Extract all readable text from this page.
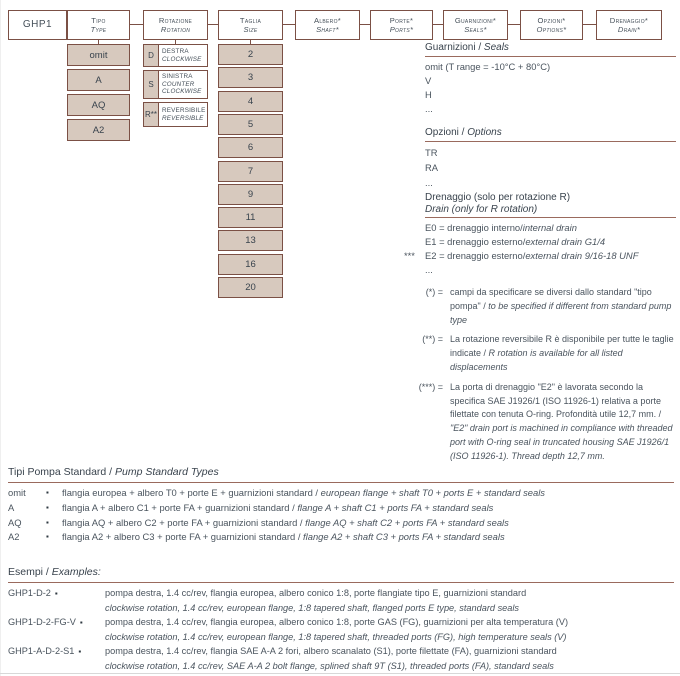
GHP1	Tipo
Type
Rotazione
Rotation
Taglia
Size
Albero*
Shaft*
Porte*
Ports*
Guarnizioni*
Seals*
Opzioni*
Options*
Drenaggio*
Drain*
omit
A
AQ
A2
D	DESTRA
CLOCKWISE
S
SINISTRA
COUNTER CLOCKWISE
R** REVERSIBILE
REVERSIBLE
2
3
4
5
6
7
9
11
13
16
20
Guarnizioni / Seals
omit (T range = -10°C + 80°C)
V
H
...
Opzioni / Options
TR
RA
...
Drenaggio (solo per rotazione R)
Drain (only for R rotation)
E0 = drenaggio interno/internal drain
E1 = drenaggio esterno/external drain G1/4
*** E2 = drenaggio esterno/external drain 9/16-18 UNF
...
(*) = campi da specificare se diversi dallo standard "tipo pompa" / to be specified if different from standard pump type
(**) = La rotazione reversibile R è disponibile per tutte le taglie indicate / R rotation is available for all listed displacements
(***) = La porta di drenaggio "E2" è lavorata secondo la specifica SAE J1926/1 (ISO 11926-1) relativa a porte filettate con tenuta O-ring. Profondità utile 12,7 mm. / "E2" drain port is machined in compliance with threaded port with O-ring seal in truncated housing SAE J1926/1 (ISO 11926-1). Thread depth 12,7 mm.
Tipi Pompa Standard / Pump Standard Types
omit	▪	flangia europea + albero T0 + porte E + guarnizioni standard / european flange + shaft T0 + ports E + standard seals
A	▪	flangia A + albero C1 + porte FA + guarnizioni standard / flange A + shaft C1 + ports FA + standard seals
AQ	▪	flangia AQ + albero C2 + porte FA + guarnizioni standard / flange AQ + shaft C2 + ports FA + standard seals
A2	▪	flangia A2 + albero C3 + porte FA + guarnizioni standard / flange A2 + shaft C3 + ports FA + standard seals
Esempi / Examples:
GHP1-D-2 ▪	pompa destra, 1.4 cc/rev, flangia europea, albero conico 1:8, porte flangiate tipo E, guarnizioni standard
clockwise rotation, 1.4 cc/rev, european flange, 1:8 tapered shaft, flanged ports E type, standard seals
GHP1-D-2-FG-V ▪	pompa destra, 1.4 cc/rev, flangia europea, albero conico 1:8, porte GAS (FG), guarnizioni per alta temperatura (V)
clockwise rotation, 1.4 cc/rev, european flange, 1:8 tapered shaft, threaded ports (FG), high temperature seals (V)
GHP1-A-D-2-S1 ▪	pompa destra, 1.4 cc/rev, flangia SAE A-A 2 fori, albero scanalato (S1), porte filettate (FA), guarnizioni standard
clockwise rotation, 1.4 cc/rev, SAE A-A 2 bolt flange, splined shaft 9T (S1), threaded ports (FA), standard seals
